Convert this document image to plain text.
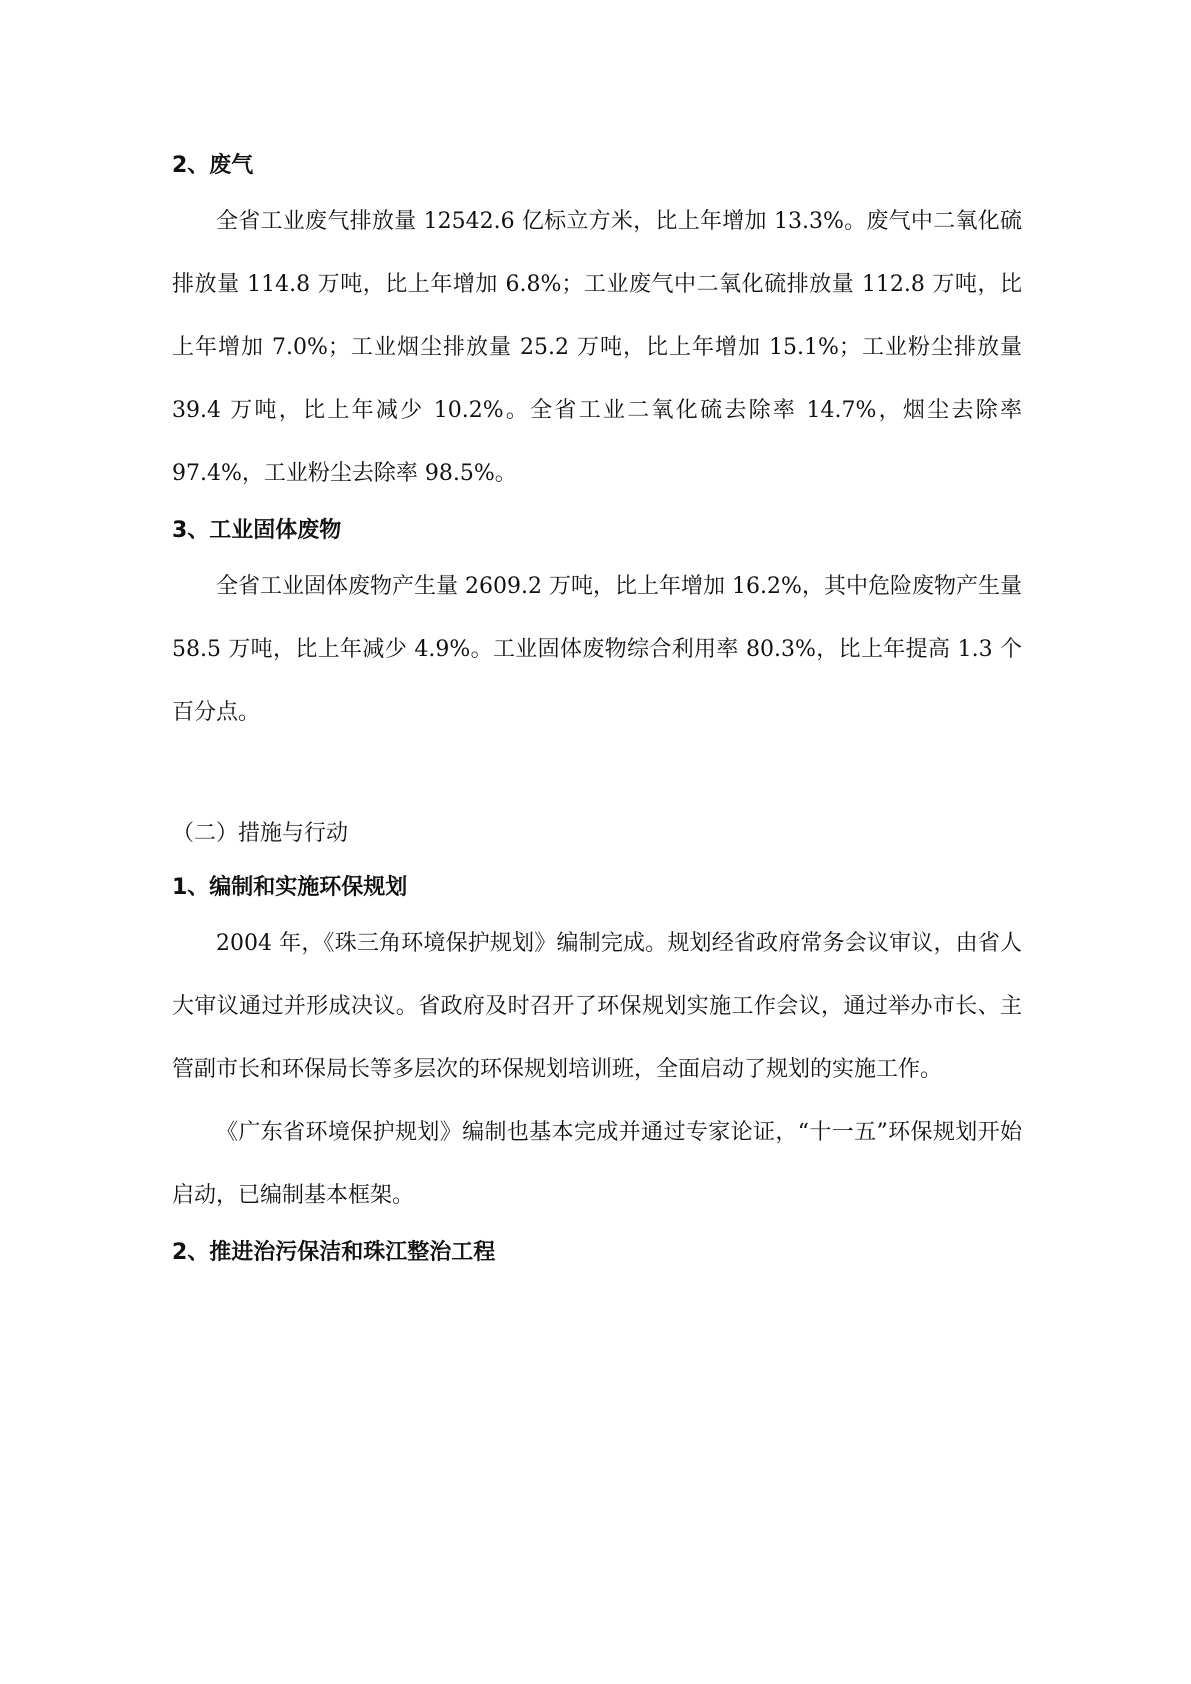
2、废气

全省工业废气排放量 12542.6 亿标立方米，比上年增加 13.3%。废气中二氧化硫排放量 114.8 万吨，比上年增加 6.8%；工业废气中二氧化硫排放量 112.8 万吨，比上年增加 7.0%；工业烟尘排放量 25.2 万吨，比上年增加 15.1%；工业粉尘排放量 39.4 万吨，比上年减少 10.2%。全省工业二氧化硫去除率 14.7%，烟尘去除率 97.4%，工业粉尘去除率 98.5%。

3、工业固体废物

全省工业固体废物产生量 2609.2 万吨，比上年增加 16.2%，其中危险废物产生量 58.5 万吨，比上年减少 4.9%。工业固体废物综合利用率 80.3%，比上年提高 1.3 个百分点。

（二）措施与行动

1、编制和实施环保规划

2004 年，《珠三角环境保护规划》编制完成。规划经省政府常务会议审议，由省人大审议通过并形成决议。省政府及时召开了环保规划实施工作会议，通过举办市长、主管副市长和环保局长等多层次的环保规划培训班，全面启动了规划的实施工作。

《广东省环境保护规划》编制也基本完成并通过专家论证，“十一五”环保规划开始启动，已编制基本框架。

2、推进治污保洁和珠江整治工程
